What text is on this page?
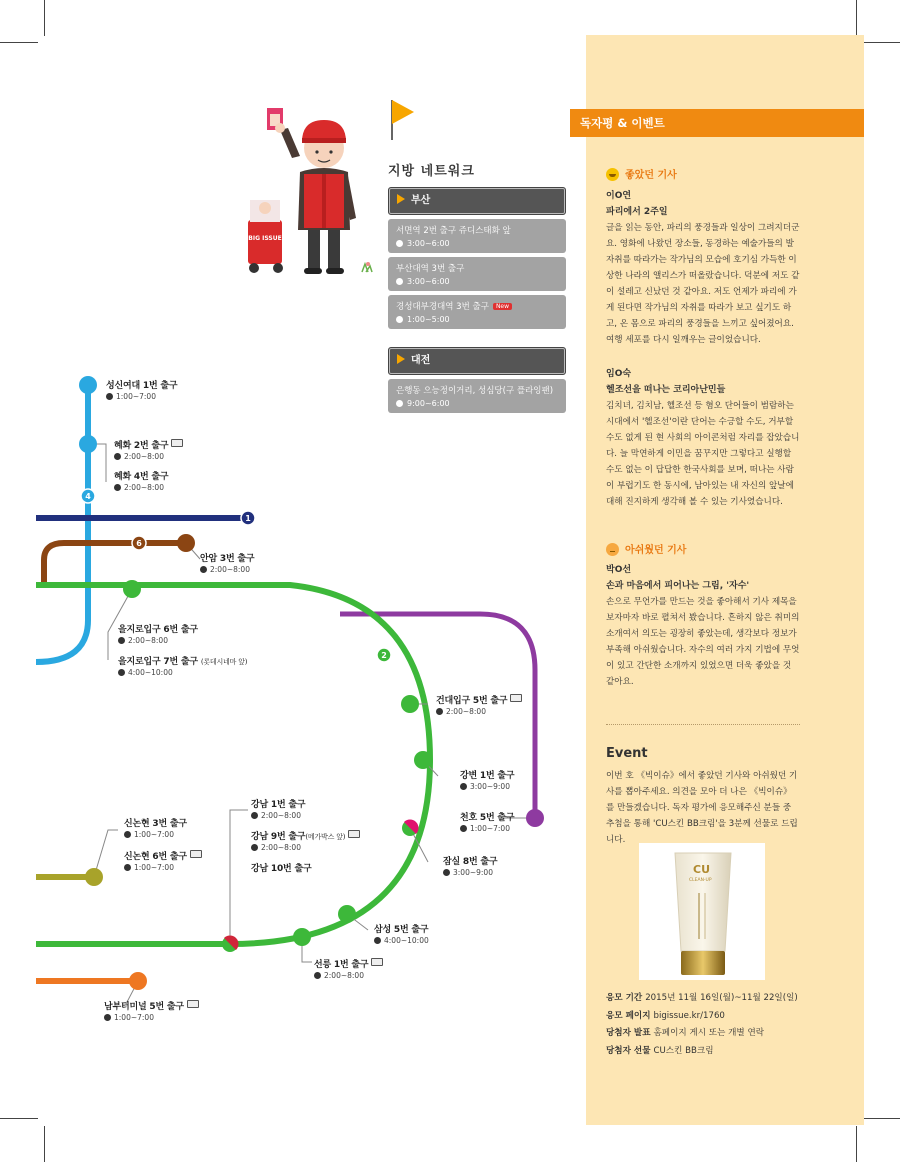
4
1
6
2
성신여대 1번 출구
1:00~7:00
혜화 2번 출구
2:00~8:00
혜화 4번 출구
2:00~8:00
안암 3번 출구
2:00~8:00
을지로입구 6번 출구
2:00~8:00
을지로입구 7번 출구 (롯데시네마 앞)
4:00~10:00
건대입구 5번 출구
2:00~8:00
강변 1번 출구
3:00~9:00
천호 5번 출구
1:00~7:00
잠실 8번 출구
3:00~9:00
강남 1번 출구
2:00~8:00
강남 9번 출구(메가박스 앞)
2:00~8:00
강남 10번 출구
신논현 3번 출구
1:00~7:00
신논현 6번 출구
1:00~7:00
삼성 5번 출구
4:00~10:00
선릉 1번 출구
2:00~8:00
남부터미널 5번 출구
1:00~7:00
BIG ISSUE
지방 네트워크
부산
서면역 2번 출구 쥬디스태화 앞
3:00~6:00
부산대역 3번 출구
3:00~6:00
경성대부경대역 3번 출구 New
1:00~5:00
대전
은행동 으능정이거리, 성심당(구 플라잉팬)
9:00~6:00
독자평 & 이벤트
좋았던 기사
이O연
파리에서 2주일

글을 읽는 동안, 파리의 풍경들과 일상이 그려지더군요. 영화에 나왔던 장소들, 동경하는 예술가들의 발자취를 따라가는 작가님의 모습에 호기심 가득한 이상한 나라의 앨리스가 떠올랐습니다. 덕분에 저도 같이 설레고 신났던 것 같아요. 저도 언제가 파리에 가게 된다면 작가님의 자취를 따라가 보고 싶기도 하고, 온 몸으로 파리의 풍경들을 느끼고 싶어졌어요. 여행 세포를 다시 일깨우는 글이었습니다.

임O숙
헬조선을 떠나는 코리아난민들

김치녀, 김치남, 헬조선 등 혐오 단어들이 범람하는 시대에서 '헬조선'이란 단어는 수긍할 수도, 거부할 수도 없게 된 현 사회의 아이콘처럼 자리를 잡았습니다. 늘 막연하게 이민을 꿈꾸지만 그렇다고 실행할 수도 없는 이 답답한 한국사회를 보며, 떠나는 사람이 부럽기도 한 동시에, 남아있는 내 자신의 앞날에 대해 진지하게 생각해 볼 수 있는 기사였습니다.

아쉬웠던 기사
박O선
손과 마음에서 피어나는 그림, '자수'

손으로 무언가를 만드는 것을 좋아해서 기사 제목을 보자마자 바로 펼쳐서 봤습니다. 흔하지 않은 취미의 소개여서 의도는 굉장히 좋았는데, 생각보다 정보가 부족해 아쉬웠습니다. 자수의 여러 가지 기법에 무엇이 있고 간단한 소개까지 있었으면 더욱 좋았을 것 같아요.

Event

이번 호 《빅이슈》에서 좋았던 기사와 아쉬웠던 기사를 뽑아주세요. 의견을 모아 더 나은 《빅이슈》를 만들겠습니다. 독자 평가에 응모해주신 분들 중 추첨을 통해 'CU스킨 BB크림'을 3분께 선물로 드립니다.

CU
CLEAN-UP
응모 기간 2015년 11월 16일(월)~11월 22일(일)
응모 페이지 bigissue.kr/1760
당첨자 발표 홈페이지 게시 또는 개별 연락
당첨자 선물 CU스킨 BB크림
